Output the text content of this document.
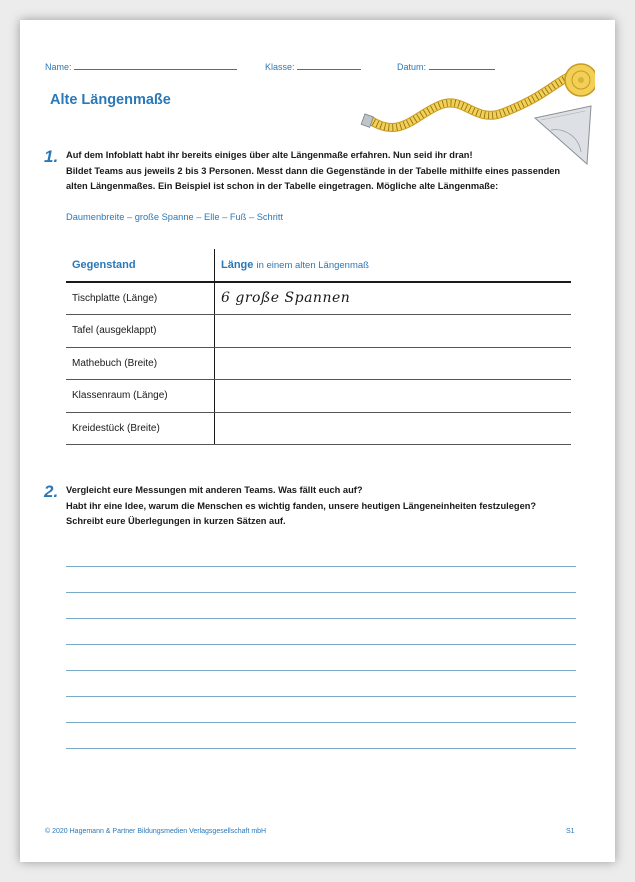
Name:	Klasse:	Datum:
Alte Längenmaße
1. Auf dem Infoblatt habt ihr bereits einiges über alte Längenmaße erfahren. Nun seid ihr dran!
Bildet Teams aus jeweils 2 bis 3 Personen. Messt dann die Gegenstände in der Tabelle mithilfe eines passenden
alten Längenmaßes. Ein Beispiel ist schon in der Tabelle eingetragen. Mögliche alte Längenmaße:
Daumenbreite – große Spanne – Elle – Fuß – Schritt
Gegenstand	Länge in einem alten Längenmaß
Tischplatte (Länge)	6 große Spannen
Tafel (ausgeklappt)	
Mathebuch (Breite)	
Klassenraum (Länge)	
Kreidestück (Breite)	
2. Vergleicht eure Messungen mit anderen Teams. Was fällt euch auf?
Habt ihr eine Idee, warum die Menschen es wichtig fanden, unsere heutigen Längeneinheiten festzulegen?
Schreibt eure Überlegungen in kurzen Sätzen auf.
© 2020 Hagemann & Partner Bildungsmedien Verlagsgesellschaft mbH	S1
